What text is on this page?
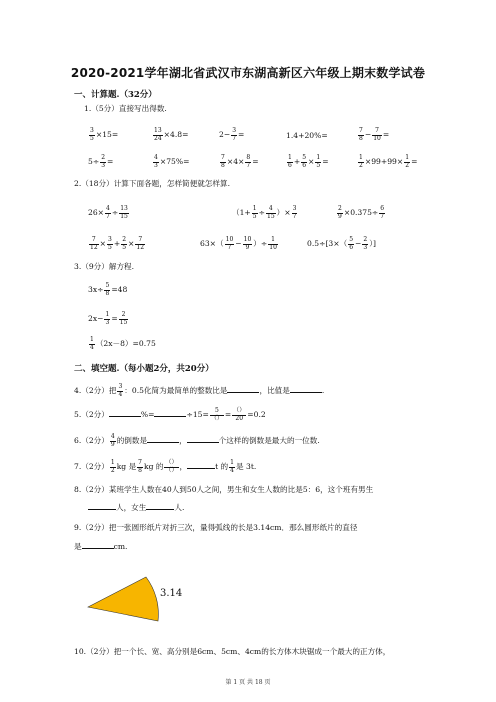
2020-2021学年湖北省武汉市东湖高新区六年级上期末数学试卷
一、计算题.（32分）
1.（5分）直接写出得数.
$\frac{3}{5} \times 15=$	$\frac{13}{24} \times 4.8=$	$2- \frac{3}{7}$ =	1.4+20%=	$\frac{7}{8} - \frac{7}{10}$ =
$5\div \frac{2}{3}$ =	$\frac{4}{3} \times 75\%=$	$\frac{7}{8} \times 4\times \frac{8}{7}$ =	$\frac{1}{6} + \frac{5}{6} \times \frac{1}{5}$ =	$\frac{1}{2} \times 99+99\times \frac{1}{2}$ =
2.（18分）计算下面各题，怎样简便就怎样算.
$26\times \frac{4}{7} \div \frac{13}{15}$	（$1+ \frac{1}{5} \div \frac{4}{15}$ ）× $\frac{3}{7}$	$\frac{2}{9} \times 0.375\div \frac{6}{7}$
$\frac{7}{12} \times \frac{3}{5} + \frac{2}{5} \times \frac{7}{12}$	$63\times( \frac{10}{7} - \frac{10}{9}$ ）÷ $\frac{1}{10}$	$0.5\div[3\times( \frac{5}{6} - \frac{2}{3}$ ）]
3.（9分）解方程.
$3x\div \frac{5}{8} =48$
$2x- \frac{1}{3} = \frac{2}{15}$
$\frac{1}{4} (2x-8)=0.75$
二、填空题.（每小题2分，共20分）
4.（2分）把 $\frac{3}{4}$ ：0.5化简为最简单的整数比是	，比值是	.
5.（2分）	%=	÷15=	5
（） = （）
20 =0.2
6.（2分） $\frac{4}{9}$ 的倒数是	，	个这样的倒数是最大的一位数.
7.（2分） $\frac{1}{2}$ kg 是 $\frac{7}{8}$ kg 的 （）
（） ，	t 的 $\frac{1}{4}$ 是 3t.
8.（2分）某班学生人数在40人到50人之间，男生和女生人数的比是5：6，这个班有男生
人，女生	人.
9.（2分）把一张圆形纸片对折三次，量得弧线的长是3.14cm．那么圆形纸片的直径
是	cm.
3.14
10.（2分）把一个长、宽、高分别是6cm、5cm、4cm的长方体木块锯成一个最大的正方体，
第 1 页 共 18 页
